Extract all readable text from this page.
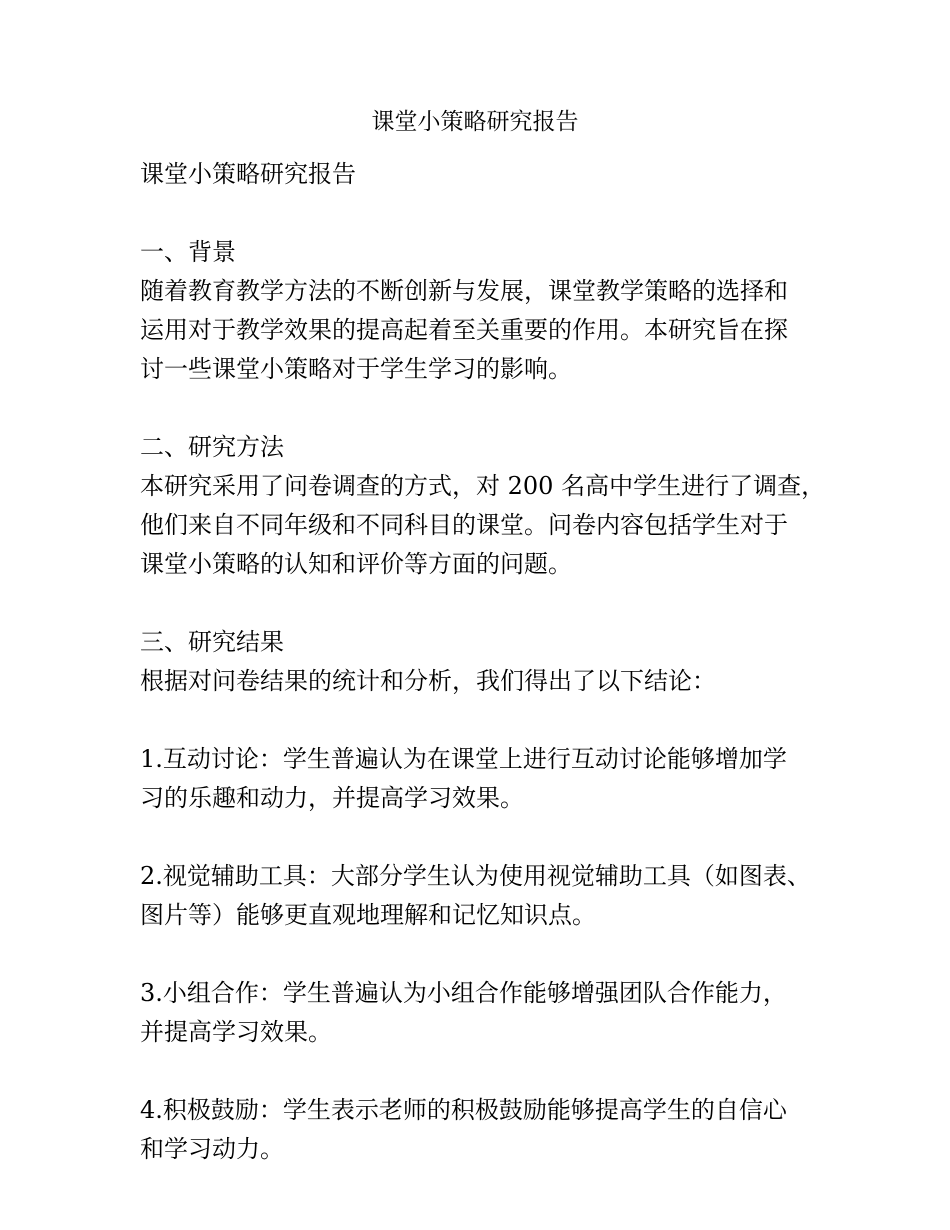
课堂小策略研究报告

课堂小策略研究报告

一、背景

随着教育教学方法的不断创新与发展，课堂教学策略的选择和

运用对于教学效果的提高起着至关重要的作用。本研究旨在探

讨一些课堂小策略对于学生学习的影响。

二、研究方法

本研究采用了问卷调查的方式，对 200 名高中学生进行了调查，

他们来自不同年级和不同科目的课堂。问卷内容包括学生对于

课堂小策略的认知和评价等方面的问题。

三、研究结果

根据对问卷结果的统计和分析，我们得出了以下结论：

1.互动讨论：学生普遍认为在课堂上进行互动讨论能够增加学

习的乐趣和动力，并提高学习效果。

2.视觉辅助工具：大部分学生认为使用视觉辅助工具（如图表、

图片等）能够更直观地理解和记忆知识点。

3.小组合作：学生普遍认为小组合作能够增强团队合作能力，

并提高学习效果。

4.积极鼓励：学生表示老师的积极鼓励能够提高学生的自信心

和学习动力。
